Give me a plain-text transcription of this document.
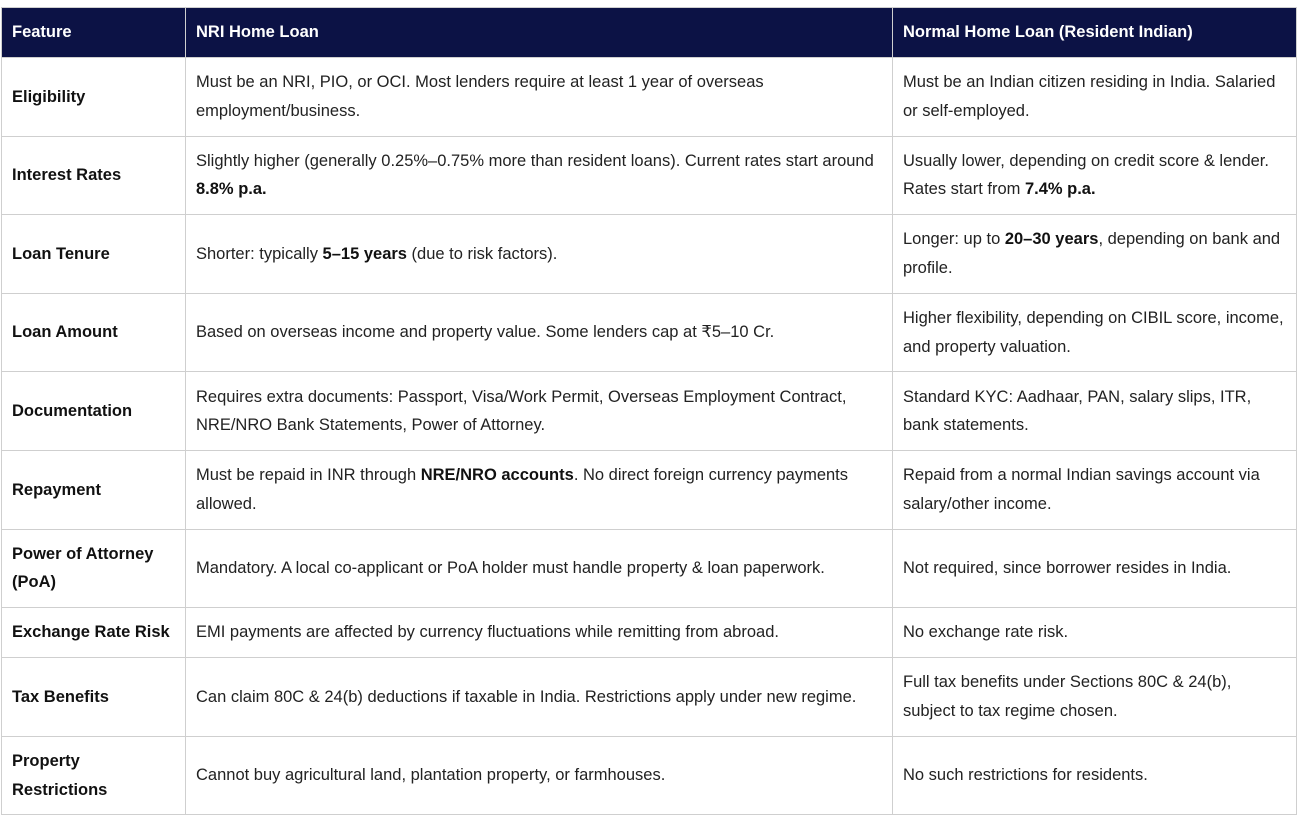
Feature	NRI Home Loan	Normal Home Loan (Resident Indian)
Eligibility	Must be an NRI, PIO, or OCI. Most lenders require at least 1 year of overseas employment/business.	Must be an Indian citizen residing in India. Salaried or self-employed.
Interest Rates	Slightly higher (generally 0.25%–0.75% more than resident loans). Current rates start around 8.8% p.a.	Usually lower, depending on credit score & lender. Rates start from 7.4% p.a.
Loan Tenure	Shorter: typically 5–15 years (due to risk factors).	Longer: up to 20–30 years, depending on bank and profile.
Loan Amount	Based on overseas income and property value. Some lenders cap at ₹5–10 Cr.	Higher flexibility, depending on CIBIL score, income, and property valuation.
Documentation	Requires extra documents: Passport, Visa/Work Permit, Overseas Employment Contract, NRE/NRO Bank Statements, Power of Attorney.	Standard KYC: Aadhaar, PAN, salary slips, ITR, bank statements.
Repayment	Must be repaid in INR through NRE/NRO accounts. No direct foreign currency payments allowed.	Repaid from a normal Indian savings account via salary/other income.
Power of Attorney (PoA)	Mandatory. A local co-applicant or PoA holder must handle property & loan paperwork.	Not required, since borrower resides in India.
Exchange Rate Risk	EMI payments are affected by currency fluctuations while remitting from abroad.	No exchange rate risk.
Tax Benefits	Can claim 80C & 24(b) deductions if taxable in India. Restrictions apply under new regime.	Full tax benefits under Sections 80C & 24(b), subject to tax regime chosen.
Property Restrictions	Cannot buy agricultural land, plantation property, or farmhouses.	No such restrictions for residents.
